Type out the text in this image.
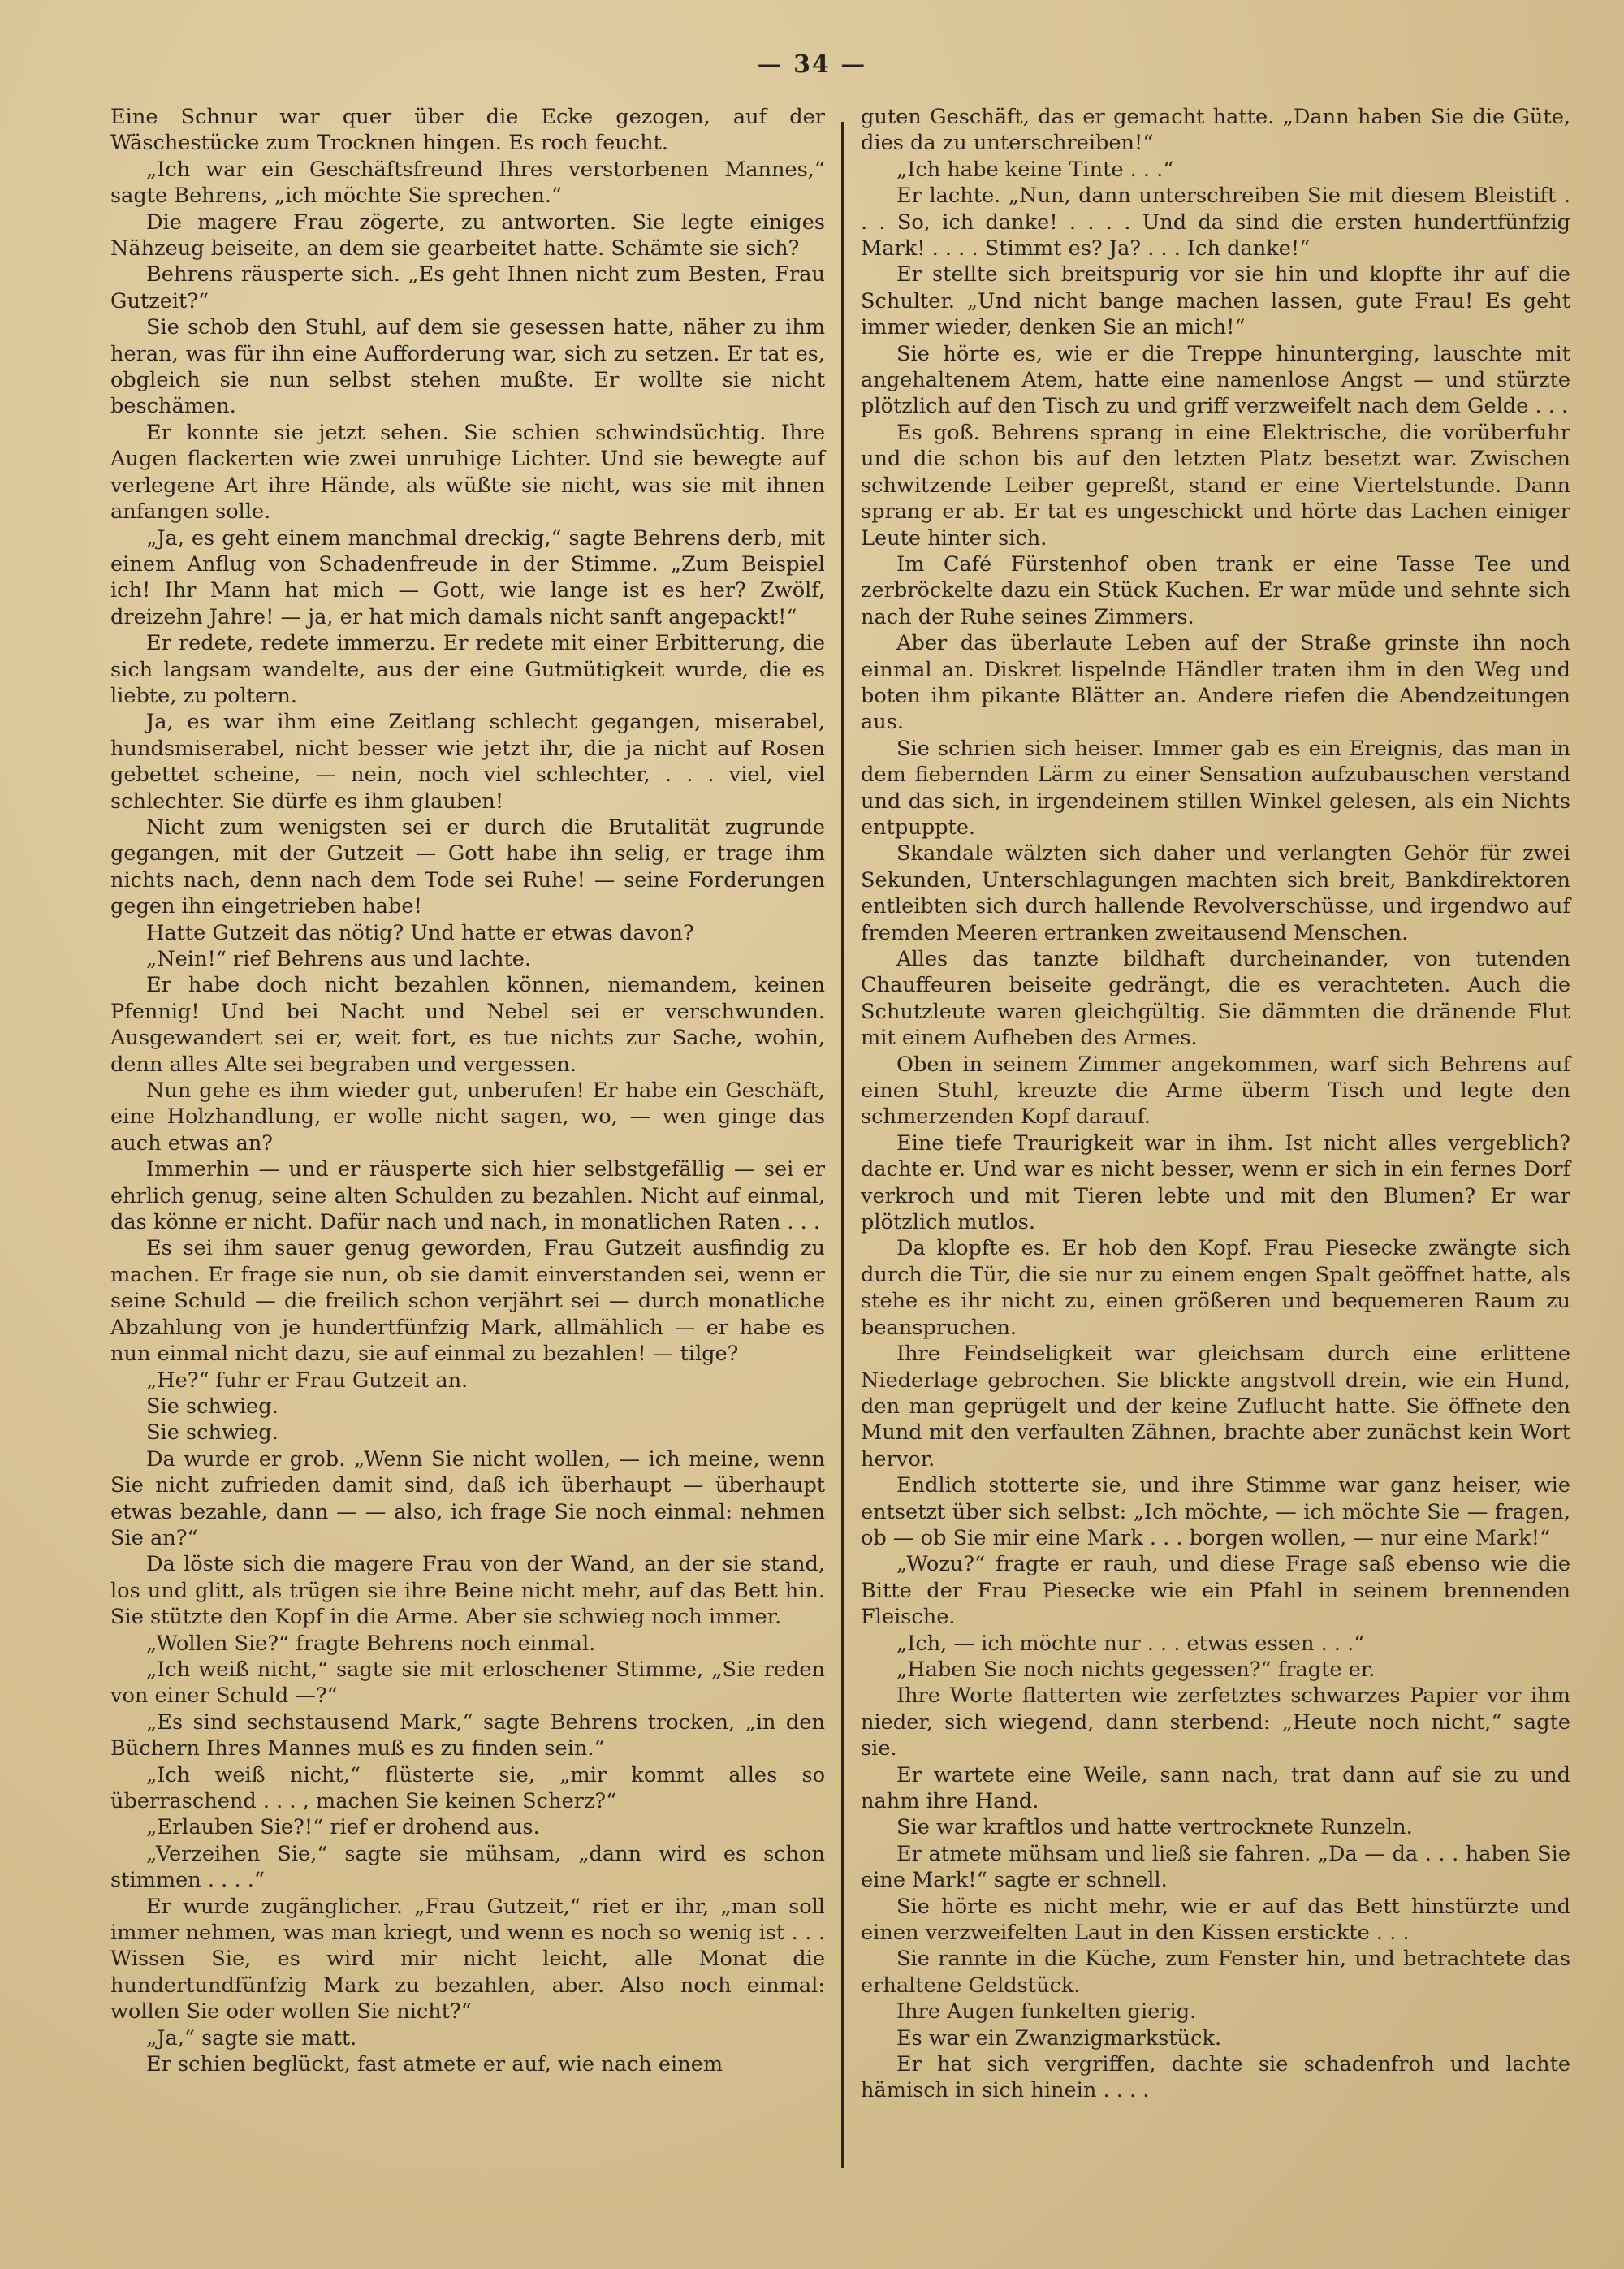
— 34 —

Eine Schnur war quer über die Ecke gezogen, auf der Wäschestücke zum Trocknen hingen. Es roch feucht.

„Ich war ein Geschäftsfreund Ihres verstorbenen Mannes,“ sagte Behrens, „ich möchte Sie sprechen.“

Die magere Frau zögerte, zu antworten. Sie legte einiges Nähzeug beiseite, an dem sie gearbeitet hatte. Schämte sie sich?

Behrens räusperte sich. „Es geht Ihnen nicht zum Besten, Frau Gutzeit?“

Sie schob den Stuhl, auf dem sie gesessen hatte, näher zu ihm heran, was für ihn eine Aufforderung war, sich zu setzen. Er tat es, obgleich sie nun selbst stehen mußte. Er wollte sie nicht beschämen.

Er konnte sie jetzt sehen. Sie schien schwindsüchtig. Ihre Augen flackerten wie zwei unruhige Lichter. Und sie bewegte auf verlegene Art ihre Hände, als wüßte sie nicht, was sie mit ihnen anfangen solle.

„Ja, es geht einem manchmal dreckig,“ sagte Behrens derb, mit einem Anflug von Schadenfreude in der Stimme. „Zum Beispiel ich! Ihr Mann hat mich — Gott, wie lange ist es her? Zwölf, dreizehn Jahre! — ja, er hat mich damals nicht sanft angepackt!“

Er redete, redete immerzu. Er redete mit einer Erbitterung, die sich langsam wandelte, aus der eine Gutmütigkeit wurde, die es liebte, zu poltern.

Ja, es war ihm eine Zeitlang schlecht gegangen, miserabel, hundsmiserabel, nicht besser wie jetzt ihr, die ja nicht auf Rosen gebettet scheine, — nein, noch viel schlechter, . . . viel, viel schlechter. Sie dürfe es ihm glauben!

Nicht zum wenigsten sei er durch die Brutalität zugrunde gegangen, mit der Gutzeit — Gott habe ihn selig, er trage ihm nichts nach, denn nach dem Tode sei Ruhe! — seine Forderungen gegen ihn eingetrieben habe!

Hatte Gutzeit das nötig? Und hatte er etwas davon?

„Nein!“ rief Behrens aus und lachte.

Er habe doch nicht bezahlen können, niemandem, keinen Pfennig! Und bei Nacht und Nebel sei er verschwunden. Ausgewandert sei er, weit fort, es tue nichts zur Sache, wohin, denn alles Alte sei begraben und vergessen.

Nun gehe es ihm wieder gut, unberufen! Er habe ein Geschäft, eine Holzhandlung, er wolle nicht sagen, wo, — wen ginge das auch etwas an?

Immerhin — und er räusperte sich hier selbstgefällig — sei er ehrlich genug, seine alten Schulden zu bezahlen. Nicht auf einmal, das könne er nicht. Dafür nach und nach, in monatlichen Raten . . .

Es sei ihm sauer genug geworden, Frau Gutzeit ausfindig zu machen. Er frage sie nun, ob sie damit einverstanden sei, wenn er seine Schuld — die freilich schon verjährt sei — durch monatliche Abzahlung von je hundertfünfzig Mark, allmählich — er habe es nun einmal nicht dazu, sie auf einmal zu bezahlen! — tilge?

„He?“ fuhr er Frau Gutzeit an.

Sie schwieg.

Sie schwieg.

Da wurde er grob. „Wenn Sie nicht wollen, — ich meine, wenn Sie nicht zufrieden damit sind, daß ich überhaupt — überhaupt etwas bezahle, dann — — also, ich frage Sie noch einmal: nehmen Sie an?“

Da löste sich die magere Frau von der Wand, an der sie stand, los und glitt, als trügen sie ihre Beine nicht mehr, auf das Bett hin. Sie stützte den Kopf in die Arme. Aber sie schwieg noch immer.

„Wollen Sie?“ fragte Behrens noch einmal.

„Ich weiß nicht,“ sagte sie mit erloschener Stimme, „Sie reden von einer Schuld —?“

„Es sind sechstausend Mark,“ sagte Behrens trocken, „in den Büchern Ihres Mannes muß es zu finden sein.“

„Ich weiß nicht,“ flüsterte sie, „mir kommt alles so überraschend . . . , machen Sie keinen Scherz?“

„Erlauben Sie?!“ rief er drohend aus.

„Verzeihen Sie,“ sagte sie mühsam, „dann wird es schon stimmen . . . .“

Er wurde zugänglicher. „Frau Gutzeit,“ riet er ihr, „man soll immer nehmen, was man kriegt, und wenn es noch so wenig ist . . . Wissen Sie, es wird mir nicht leicht, alle Monat die hundertundfünfzig Mark zu bezahlen, aber. Also noch einmal: wollen Sie oder wollen Sie nicht?“

„Ja,“ sagte sie matt.

Er schien beglückt, fast atmete er auf, wie nach einem

guten Geschäft, das er gemacht hatte. „Dann haben Sie die Güte, dies da zu unterschreiben!“

„Ich habe keine Tinte . . .“

Er lachte. „Nun, dann unterschreiben Sie mit diesem Bleistift . . . So, ich danke! . . . . Und da sind die ersten hundertfünfzig Mark! . . . . Stimmt es? Ja? . . . Ich danke!“

Er stellte sich breitspurig vor sie hin und klopfte ihr auf die Schulter. „Und nicht bange machen lassen, gute Frau! Es geht immer wieder, denken Sie an mich!“

Sie hörte es, wie er die Treppe hinunterging, lauschte mit angehaltenem Atem, hatte eine namenlose Angst — und stürzte plötzlich auf den Tisch zu und griff verzweifelt nach dem Gelde . . .

Es goß. Behrens sprang in eine Elektrische, die vorüberfuhr und die schon bis auf den letzten Platz besetzt war. Zwischen schwitzende Leiber gepreßt, stand er eine Viertelstunde. Dann sprang er ab. Er tat es ungeschickt und hörte das Lachen einiger Leute hinter sich.

Im Café Fürstenhof oben trank er eine Tasse Tee und zerbröckelte dazu ein Stück Kuchen. Er war müde und sehnte sich nach der Ruhe seines Zimmers.

Aber das überlaute Leben auf der Straße grinste ihn noch einmal an. Diskret lispelnde Händler traten ihm in den Weg und boten ihm pikante Blätter an. Andere riefen die Abendzeitungen aus.

Sie schrien sich heiser. Immer gab es ein Ereignis, das man in dem fiebernden Lärm zu einer Sensation aufzubauschen verstand und das sich, in irgendeinem stillen Winkel gelesen, als ein Nichts entpuppte.

Skandale wälzten sich daher und verlangten Gehör für zwei Sekunden, Unterschlagungen machten sich breit, Bankdirektoren entleibten sich durch hallende Revolverschüsse, und irgendwo auf fremden Meeren ertranken zweitausend Menschen.

Alles das tanzte bildhaft durcheinander, von tutenden Chauffeuren beiseite gedrängt, die es verachteten. Auch die Schutzleute waren gleichgültig. Sie dämmten die dränende Flut mit einem Aufheben des Armes.

Oben in seinem Zimmer angekommen, warf sich Behrens auf einen Stuhl, kreuzte die Arme überm Tisch und legte den schmerzenden Kopf darauf.

Eine tiefe Traurigkeit war in ihm. Ist nicht alles vergeblich? dachte er. Und war es nicht besser, wenn er sich in ein fernes Dorf verkroch und mit Tieren lebte und mit den Blumen? Er war plötzlich mutlos.

Da klopfte es. Er hob den Kopf. Frau Piesecke zwängte sich durch die Tür, die sie nur zu einem engen Spalt geöffnet hatte, als stehe es ihr nicht zu, einen größeren und bequemeren Raum zu beanspruchen.

Ihre Feindseligkeit war gleichsam durch eine erlittene Niederlage gebrochen. Sie blickte angstvoll drein, wie ein Hund, den man geprügelt und der keine Zuflucht hatte. Sie öffnete den Mund mit den verfaulten Zähnen, brachte aber zunächst kein Wort hervor.

Endlich stotterte sie, und ihre Stimme war ganz heiser, wie entsetzt über sich selbst: „Ich möchte, — ich möchte Sie — fragen, ob — ob Sie mir eine Mark . . . borgen wollen, — nur eine Mark!“

„Wozu?“ fragte er rauh, und diese Frage saß ebenso wie die Bitte der Frau Piesecke wie ein Pfahl in seinem brennenden Fleische.

„Ich, — ich möchte nur . . . etwas essen . . .“

„Haben Sie noch nichts gegessen?“ fragte er.

Ihre Worte flatterten wie zerfetztes schwarzes Papier vor ihm nieder, sich wiegend, dann sterbend: „Heute noch nicht,“ sagte sie.

Er wartete eine Weile, sann nach, trat dann auf sie zu und nahm ihre Hand.

Sie war kraftlos und hatte vertrocknete Runzeln.

Er atmete mühsam und ließ sie fahren. „Da — da . . . haben Sie eine Mark!“ sagte er schnell.

Sie hörte es nicht mehr, wie er auf das Bett hinstürzte und einen verzweifelten Laut in den Kissen erstickte . . .

Sie rannte in die Küche, zum Fenster hin, und betrachtete das erhaltene Geldstück.

Ihre Augen funkelten gierig.

Es war ein Zwanzigmarkstück.

Er hat sich vergriffen, dachte sie schadenfroh und lachte hämisch in sich hinein . . . .
